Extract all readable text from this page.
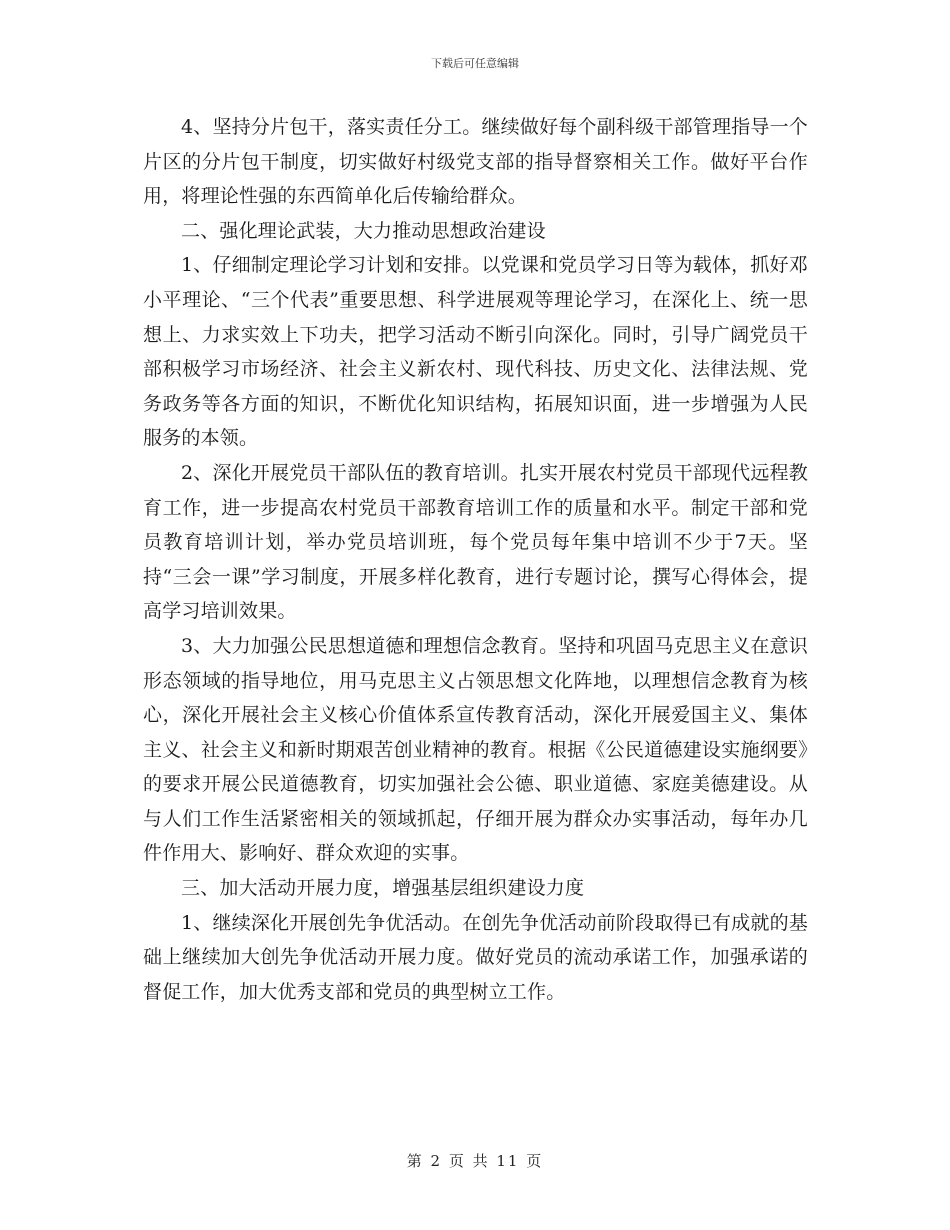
下载后可任意编辑

4、坚持分片包干，落实责任分工。继续做好每个副科级干部管理指导一个片区的分片包干制度，切实做好村级党支部的指导督察相关工作。做好平台作用，将理论性强的东西简单化后传输给群众。

二、强化理论武装，大力推动思想政治建设

1、仔细制定理论学习计划和安排。以党课和党员学习日等为载体，抓好邓小平理论、“三个代表”重要思想、科学进展观等理论学习，在深化上、统一思想上、力求实效上下功夫，把学习活动不断引向深化。同时，引导广阔党员干部积极学习市场经济、社会主义新农村、现代科技、历史文化、法律法规、党务政务等各方面的知识，不断优化知识结构，拓展知识面，进一步增强为人民服务的本领。

2、深化开展党员干部队伍的教育培训。扎实开展农村党员干部现代远程教育工作，进一步提高农村党员干部教育培训工作的质量和水平。制定干部和党员教育培训计划，举办党员培训班，每个党员每年集中培训不少于7天。坚持“三会一课”学习制度，开展多样化教育，进行专题讨论，撰写心得体会，提高学习培训效果。

3、大力加强公民思想道德和理想信念教育。坚持和巩固马克思主义在意识形态领域的指导地位，用马克思主义占领思想文化阵地，以理想信念教育为核心，深化开展社会主义核心价值体系宣传教育活动，深化开展爱国主义、集体主义、社会主义和新时期艰苦创业精神的教育。根据《公民道德建设实施纲要》的要求开展公民道德教育，切实加强社会公德、职业道德、家庭美德建设。从与人们工作生活紧密相关的领域抓起，仔细开展为群众办实事活动，每年办几件作用大、影响好、群众欢迎的实事。

三、加大活动开展力度，增强基层组织建设力度

1、继续深化开展创先争优活动。在创先争优活动前阶段取得已有成就的基础上继续加大创先争优活动开展力度。做好党员的流动承诺工作，加强承诺的督促工作，加大优秀支部和党员的典型树立工作。

第 2 页 共 11 页
